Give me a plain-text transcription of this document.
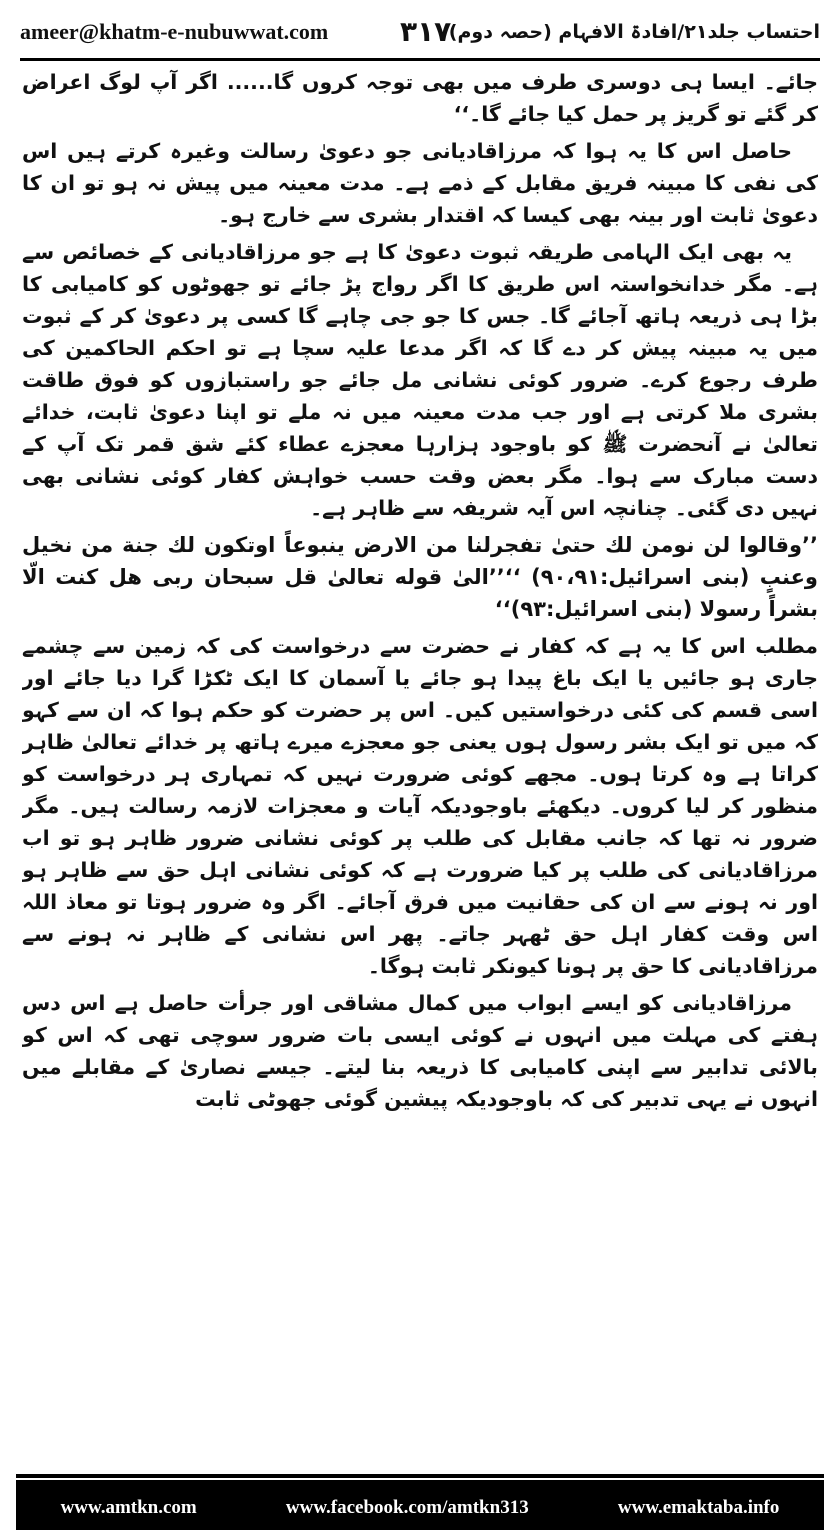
ameer@khatm-e-nubuwwat.com	۳۱۷
احتساب جلد۲۱/افادۃ الافہام (حصہ دوم)

جائے۔ ایسا ہی دوسری طرف میں بھی توجہ کروں گا...... اگر آپ لوگ اعراض کر گئے تو گریز پر حمل کیا جائے گا۔‘‘

حاصل اس کا یہ ہوا کہ مرزاقادیانی جو دعویٰ رسالت وغیرہ کرتے ہیں اس کی نفی کا مبینہ فریق مقابل کے ذمے ہے۔ مدت معینہ میں پیش نہ ہو تو ان کا دعویٰ ثابت اور بینہ بھی کیسا کہ اقتدار بشری سے خارج ہو۔

یہ بھی ایک الہامی طریقہ ثبوت دعویٰ کا ہے جو مرزاقادیانی کے خصائص سے ہے۔ مگر خدانخواستہ اس طریق کا اگر رواج پڑ جائے تو جھوٹوں کو کامیابی کا بڑا ہی ذریعہ ہاتھ آجائے گا۔ جس کا جو جی چاہے گا کسی پر دعویٰ کر کے ثبوت میں یہ مبینہ پیش کر دے گا کہ اگر مدعا علیہ سچا ہے تو احکم الحاکمین کی طرف رجوع کرے۔ ضرور کوئی نشانی مل جائے جو راستبازوں کو فوق طاقت بشری ملا کرتی ہے اور جب مدت معینہ میں نہ ملے تو اپنا دعویٰ ثابت، خدائے تعالیٰ نے آنحضرت ﷺ کو باوجود ہزارہا معجزے عطاء کئے شق قمر تک آپ کے دست مبارک سے ہوا۔ مگر بعض وقت حسب خواہش کفار کوئی نشانی بھی نہیں دی گئی۔ چنانچہ اس آیہ شریفہ سے ظاہر ہے۔

’’وقالوا لن نومن لك حتىٰ تفجرلنا من الارض ينبوعاً اوتكون لك جنة من نخيل وعنبٍ (بنی اسرائیل:۹۰،۹۱) ‘‘’’الیٰ قوله تعالیٰ قل سبحان ربی هل كنت الّا بشراً رسولا (بنی اسرائیل:۹۳)‘‘

مطلب اس کا یہ ہے کہ کفار نے حضرت سے درخواست کی کہ زمین سے چشمے جاری ہو جائیں یا ایک باغ پیدا ہو جائے یا آسمان کا ایک ٹکڑا گرا دیا جائے اور اسی قسم کی کئی درخواستیں کیں۔ اس پر حضرت کو حکم ہوا کہ ان سے کہو کہ میں تو ایک بشر رسول ہوں یعنی جو معجزے میرے ہاتھ پر خدائے تعالیٰ ظاہر کراتا ہے وہ کرتا ہوں۔ مجھے کوئی ضرورت نہیں کہ تمہاری ہر درخواست کو منظور کر لیا کروں۔ دیکھئے باوجودیکہ آیات و معجزات لازمہ رسالت ہیں۔ مگر ضرور نہ تھا کہ جانب مقابل کی طلب پر کوئی نشانی ضرور ظاہر ہو تو اب مرزاقادیانی کی طلب پر کیا ضرورت ہے کہ کوئی نشانی اہل حق سے ظاہر ہو اور نہ ہونے سے ان کی حقانیت میں فرق آجائے۔ اگر وہ ضرور ہوتا تو معاذ اللہ اس وقت کفار اہل حق ٹھہر جاتے۔ پھر اس نشانی کے ظاہر نہ ہونے سے مرزاقادیانی کا حق پر ہونا کیونکر ثابت ہوگا۔

مرزاقادیانی کو ایسے ابواب میں کمال مشاقی اور جرأت حاصل ہے اس دس ہفتے کی مہلت میں انہوں نے کوئی ایسی بات ضرور سوچی تھی کہ اس کو بالائی تدابیر سے اپنی کامیابی کا ذریعہ بنا لیتے۔ جیسے نصاریٰ کے مقابلے میں انہوں نے یہی تدبیر کی کہ باوجودیکہ پیشین گوئی جھوٹی ثابت

www.amtkn.com	www.facebook.com/amtkn313	www.emaktaba.info
